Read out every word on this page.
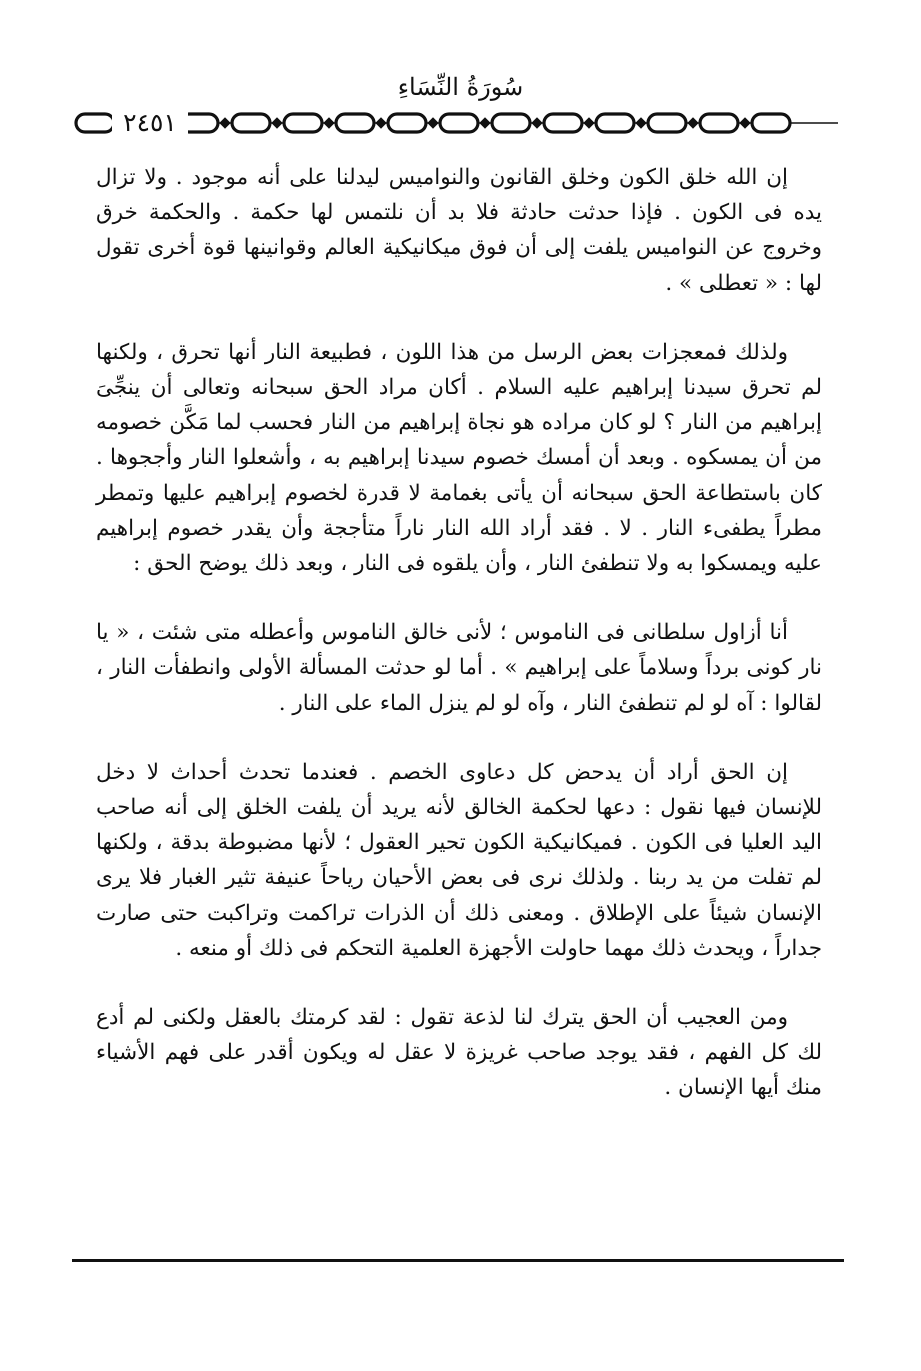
سُورَةُ النِّسَاءِ
٢٤٥١

إن الله خلق الكون وخلق القانون والنواميس ليدلنا على أنه موجود . ولا تزال يده فى الكون . فإذا حدثت حادثة فلا بد أن نلتمس لها حكمة . والحكمة خرق وخروج عن النواميس يلفت إلى أن فوق ميكانيكية العالم وقوانينها قوة أخرى تقول لها : « تعطلى » .

ولذلك فمعجزات بعض الرسل من هذا اللون ، فطبيعة النار أنها تحرق ، ولكنها لم تحرق سيدنا إبراهيم عليه السلام . أكان مراد الحق سبحانه وتعالى أن ينجِّىَ إبراهيم من النار ؟ لو كان مراده هو نجاة إبراهيم من النار فحسب لما مَكَّن خصومه من أن يمسكوه . وبعد أن أمسك خصوم سيدنا إبراهيم به ، وأشعلوا النار وأججوها . كان باستطاعة الحق سبحانه أن يأتى بغمامة لا قدرة لخصوم إبراهيم عليها وتمطر مطراً يطفىء النار . لا . فقد أراد الله النار ناراً متأججة وأن يقدر خصوم إبراهيم عليه ويمسكوا به ولا تنطفئ النار ، وأن يلقوه فى النار ، وبعد ذلك يوضح الحق :

أنا أزاول سلطانى فى الناموس ؛ لأنى خالق الناموس وأعطله متى شئت ، « يا نار كونى برداً وسلاماً على إبراهيم » . أما لو حدثت المسألة الأولى وانطفأت النار ، لقالوا : آه لو لم تنطفئ النار ، وآه لو لم ينزل الماء على النار .

إن الحق أراد أن يدحض كل دعاوى الخصم . فعندما تحدث أحداث لا دخل للإنسان فيها نقول : دعها لحكمة الخالق لأنه يريد أن يلفت الخلق إلى أنه صاحب اليد العليا فى الكون . فميكانيكية الكون تحير العقول ؛ لأنها مضبوطة بدقة ، ولكنها لم تفلت من يد ربنا . ولذلك نرى فى بعض الأحيان رياحاً عنيفة تثير الغبار فلا يرى الإنسان شيئاً على الإطلاق . ومعنى ذلك أن الذرات تراكمت وتراكبت حتى صارت جداراً ، ويحدث ذلك مهما حاولت الأجهزة العلمية التحكم فى ذلك أو منعه .

ومن العجيب أن الحق يترك لنا لذعة تقول : لقد كرمتك بالعقل ولكنى لم أدع لك كل الفهم ، فقد يوجد صاحب غريزة لا عقل له ويكون أقدر على فهم الأشياء منك أيها الإنسان .
